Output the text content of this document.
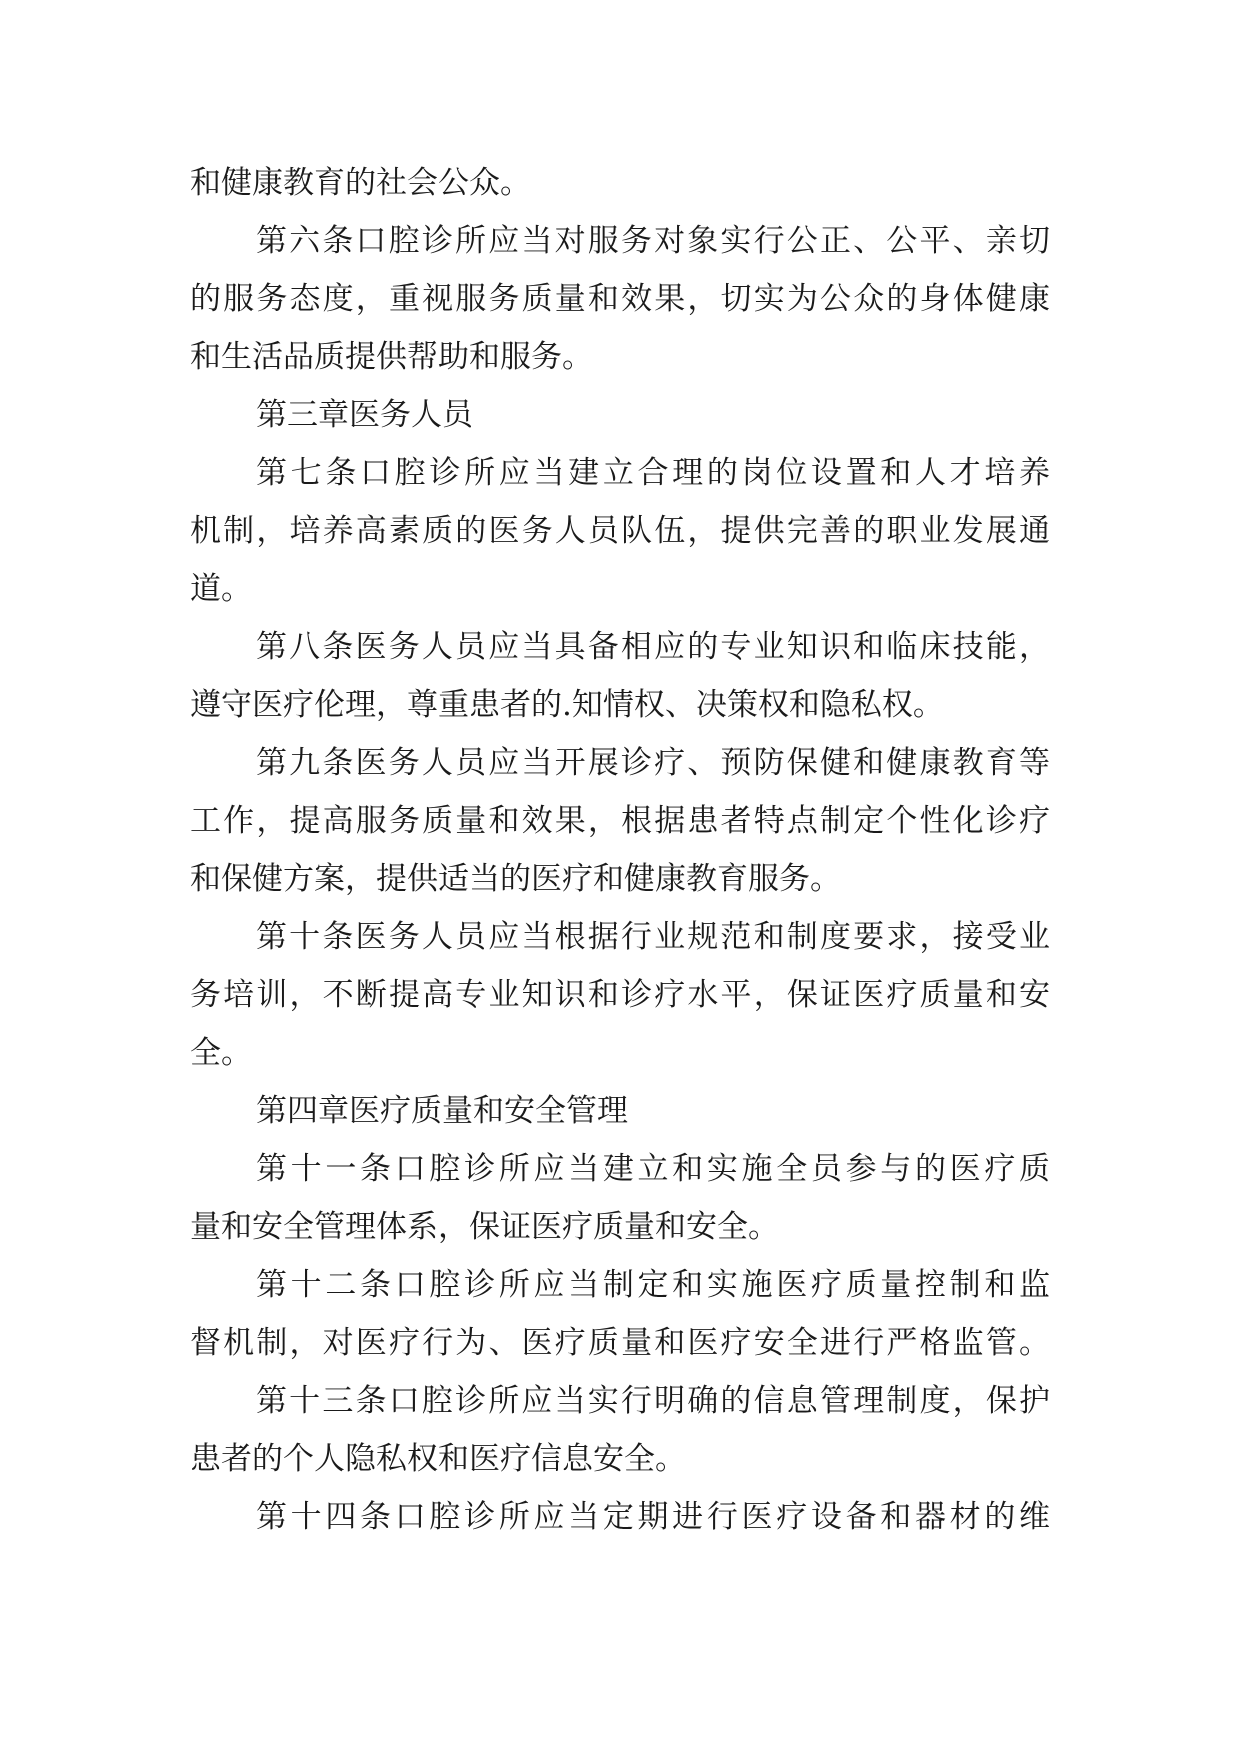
和健康教育的社会公众。
第六条口腔诊所应当对服务对象实行公正、公平、亲切
的服务态度，重视服务质量和效果，切实为公众的身体健康
和生活品质提供帮助和服务。
第三章医务人员
第七条口腔诊所应当建立合理的岗位设置和人才培养
机制，培养高素质的医务人员队伍，提供完善的职业发展通
道。
第八条医务人员应当具备相应的专业知识和临床技能，
遵守医疗伦理，尊重患者的.知情权、决策权和隐私权。
第九条医务人员应当开展诊疗、预防保健和健康教育等
工作，提高服务质量和效果，根据患者特点制定个性化诊疗
和保健方案，提供适当的医疗和健康教育服务。
第十条医务人员应当根据行业规范和制度要求，接受业
务培训，不断提高专业知识和诊疗水平，保证医疗质量和安
全。
第四章医疗质量和安全管理
第十一条口腔诊所应当建立和实施全员参与的医疗质
量和安全管理体系，保证医疗质量和安全。
第十二条口腔诊所应当制定和实施医疗质量控制和监
督机制，对医疗行为、医疗质量和医疗安全进行严格监管。
第十三条口腔诊所应当实行明确的信息管理制度，保护
患者的个人隐私权和医疗信息安全。
第十四条口腔诊所应当定期进行医疗设备和器材的维
